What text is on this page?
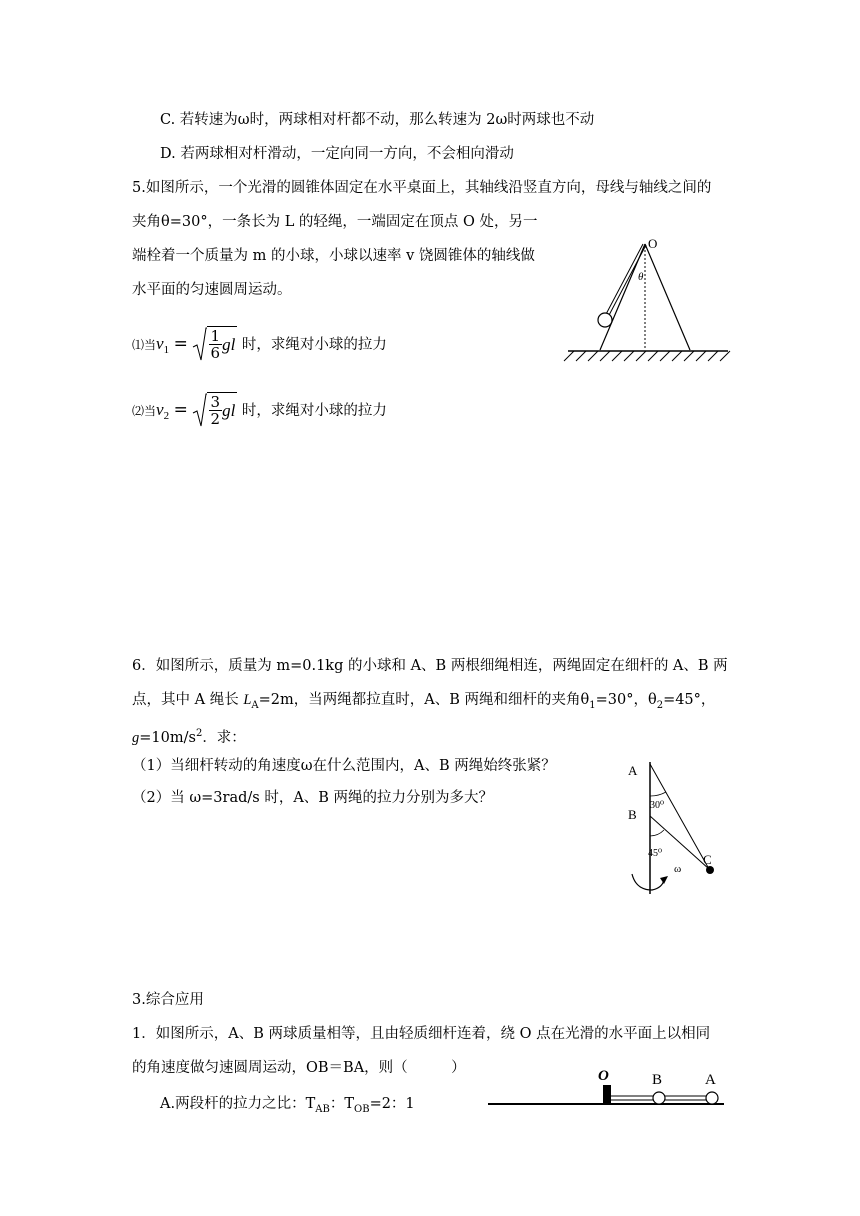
C. 若转速为ω时，两球相对杆都不动，那么转速为 2ω时两球也不动
D. 若两球相对杆滑动，一定向同一方向，不会相向滑动
5.如图所示，一个光滑的圆锥体固定在水平桌面上，其轴线沿竖直方向，母线与轴线之间的
夹角θ=30°，一条长为 L 的轻绳，一端固定在顶点 O 处，另一
端栓着一个质量为 m 的小球，小球以速率 v 饶圆锥体的轴线做
水平面的匀速圆周运动。
⑴当$v_1 = \frac{1}{6}$ gl 时，求绳对小球的拉力
⑵当$v_2 = \frac{3}{2}$ gl 时，求绳对小球的拉力
O
θ
6．如图所示，质量为 m=0.1kg 的小球和 A、B 两根细绳相连，两绳固定在细杆的 A、B 两
点，其中 A 绳长 $L_A=2m$，当两绳都拉直时，A、B 两绳和细杆的夹角$\theta_1=30^\circ$，$\theta_2=45^\circ$，
$g=10m/s^2$．求：
（1）当细杆转动的角速度ω在什么范围内，A、B 两绳始终张紧？
（2）当 ω=3rad/s 时，A、B 两绳的拉力分别为多大？
A
B
C
30⁰
45⁰
ω
3.综合应用
1．如图所示，A、B 两球质量相等，且由轻质细杆连着，绕 O 点在光滑的水平面上以相同
的角速度做匀速圆周运动，OB＝BA，则（　　　）
A.两段杆的拉力之比：$T_{AB}$：$T_{OB}=2$：1
O	B	A
